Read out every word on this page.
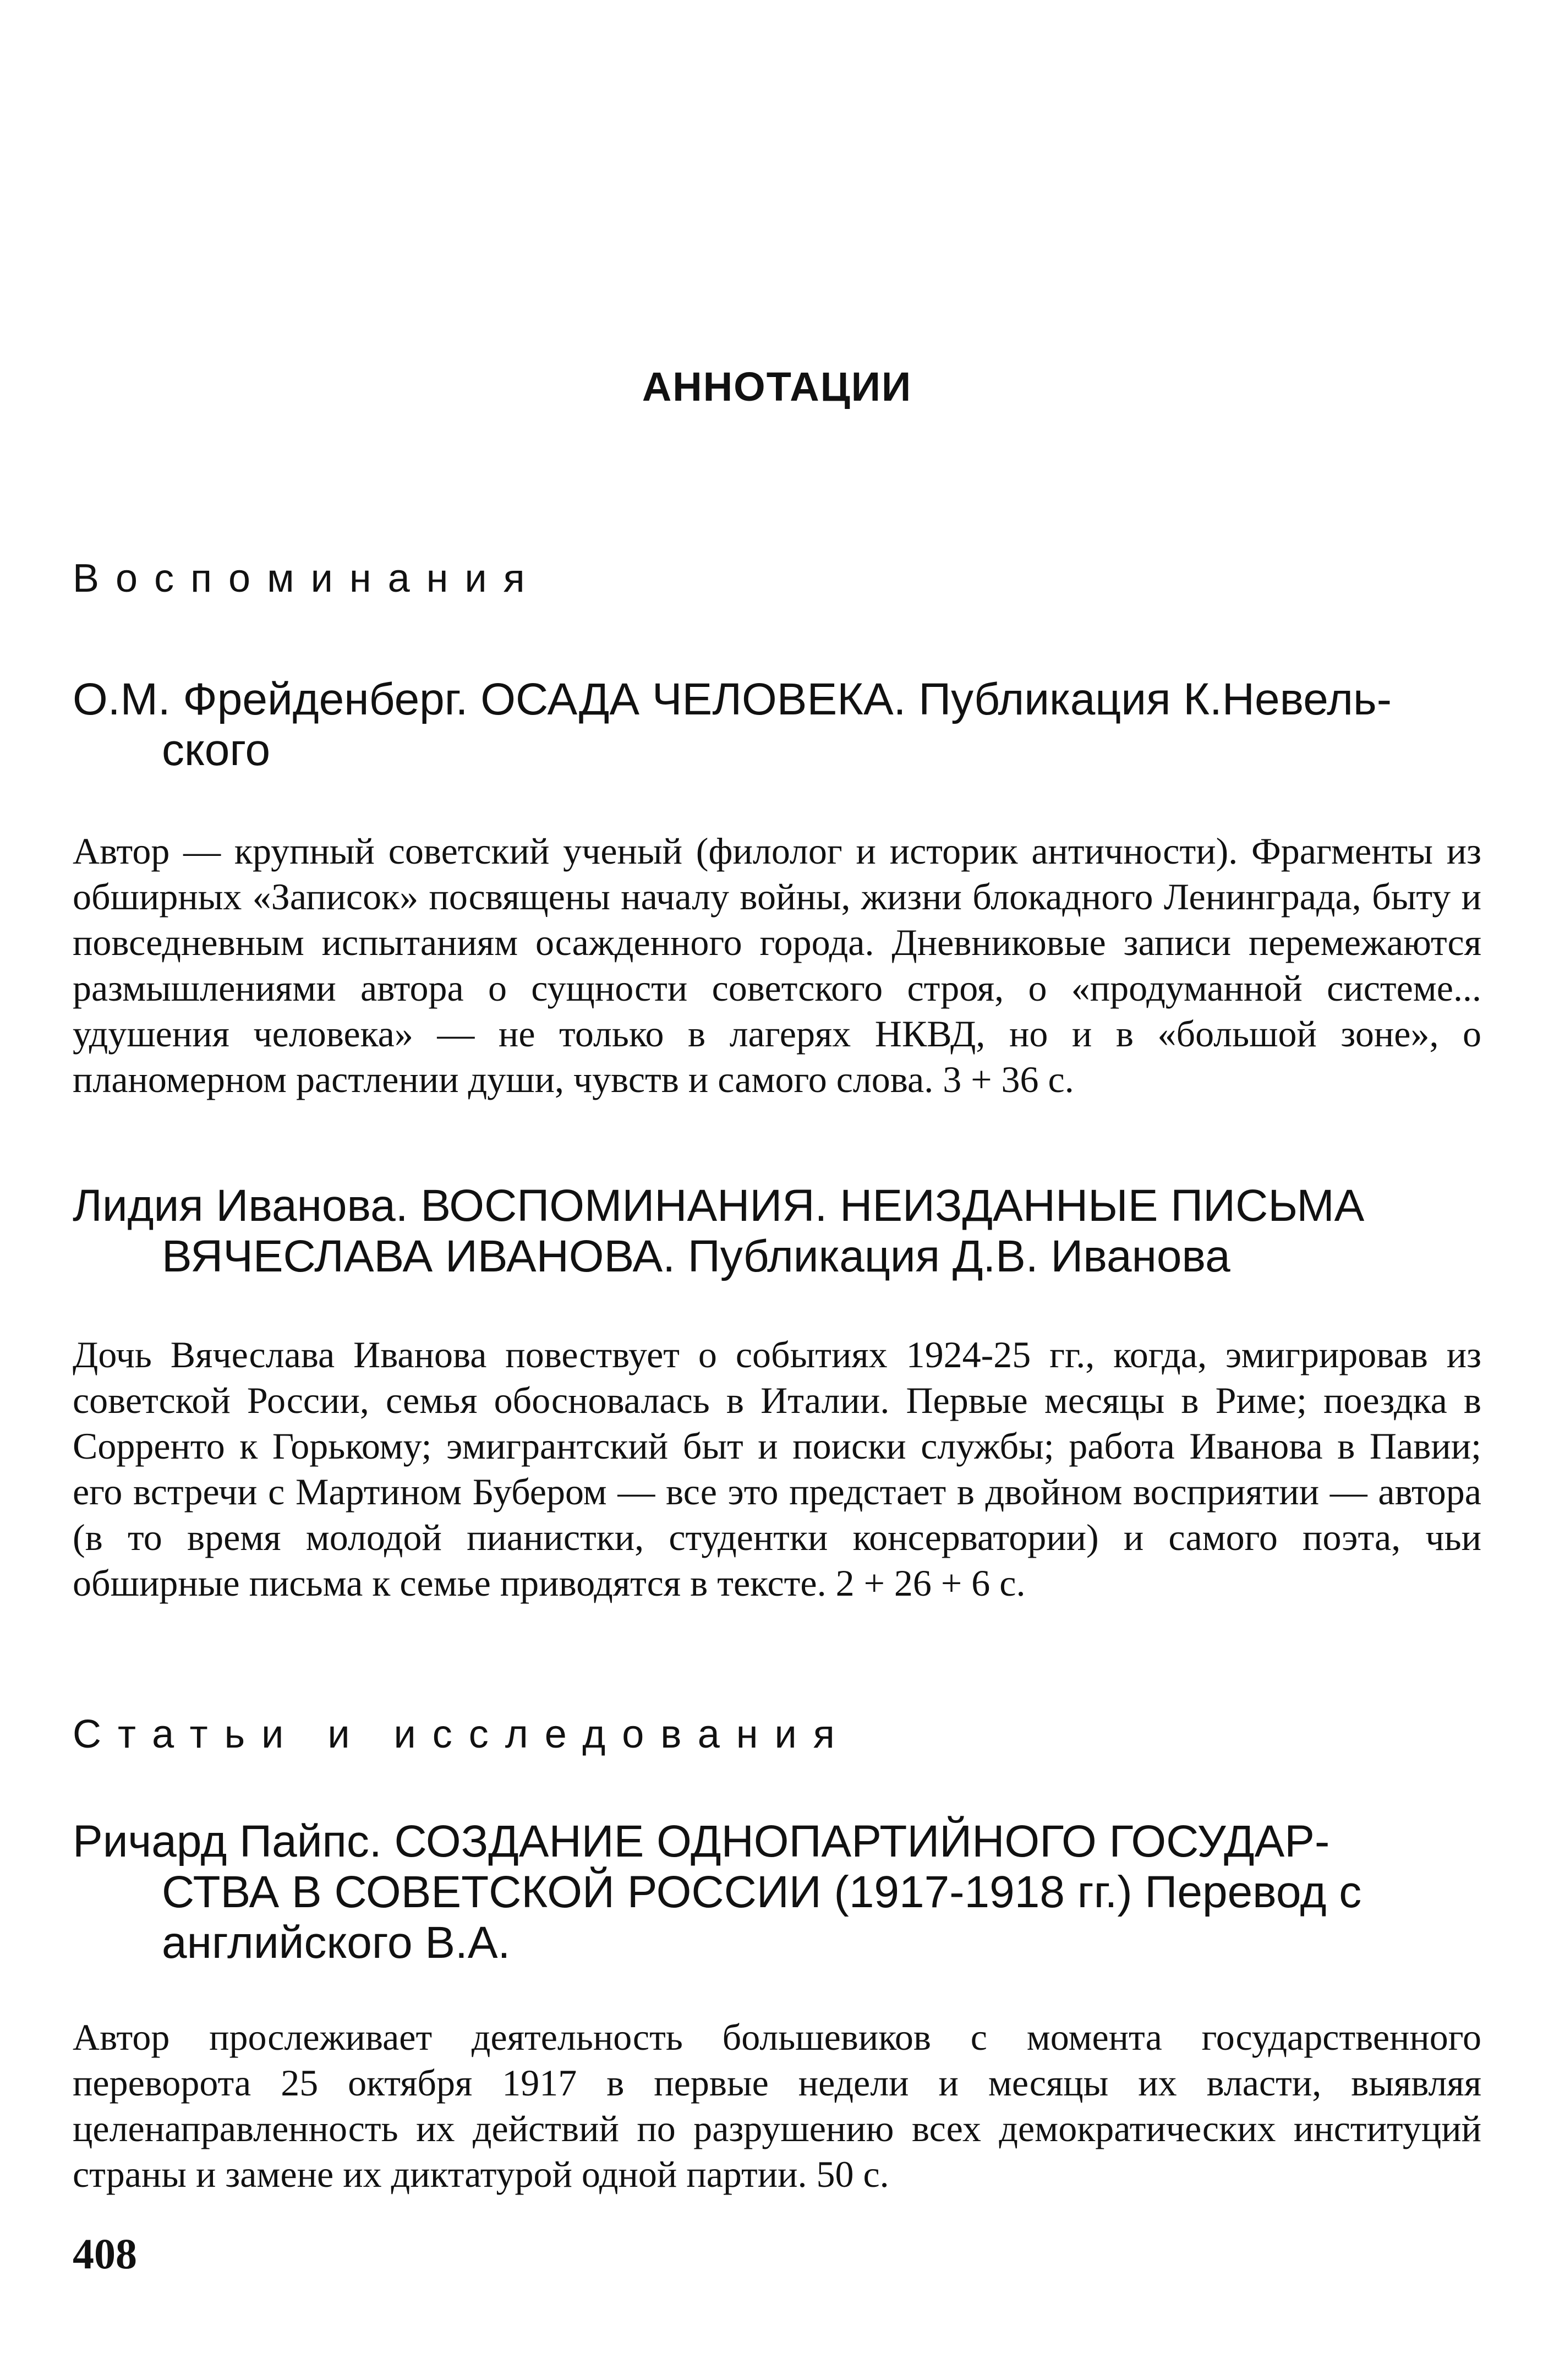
АННОТАЦИИ
Воспоминания
О.М. Фрейденберг. ОСАДА ЧЕЛОВЕКА. Публикация К.Невель-
ского
Автор — крупный советский ученый (филолог и историк античности). Фрагменты из обширных «Записок» посвящены началу войны, жизни блокадного Ленинграда, быту и повседневным испытаниям осажденного города. Дневниковые записи перемежаются размышлениями автора о сущности советского строя, о «продуманной системе... удушения человека» — не только в лагерях НКВД, но и в «большой зоне», о планомерном растлении души, чувств и самого слова. 3 + 36 с.
Лидия Иванова. ВОСПОМИНАНИЯ. НЕИЗДАННЫЕ ПИСЬМА
ВЯЧЕСЛАВА ИВАНОВА. Публикация Д.В. Иванова
Дочь Вячеслава Иванова повествует о событиях 1924-25 гг., когда, эмигрировав из советской России, семья обосновалась в Италии. Первые месяцы в Риме; поездка в Сорренто к Горькому; эмигрантский быт и поиски службы; работа Иванова в Павии; его встречи с Мартином Бубером — все это предстает в двойном восприятии — автора (в то время молодой пианистки, студентки консерватории) и самого поэта, чьи обширные письма к семье приводятся в тексте. 2 + 26 + 6 с.
Статьи и исследования
Ричард Пайпс. СОЗДАНИЕ ОДНОПАРТИЙНОГО ГОСУДАР-
СТВА В СОВЕТСКОЙ РОССИИ (1917-1918 гг.) Перевод с
английского В.А.
Автор прослеживает деятельность большевиков с момента государственного переворота 25 октября 1917 в первые недели и месяцы их власти, выявляя целенаправленность их действий по разрушению всех демократических институций страны и замене их диктатурой одной партии. 50 с.
408
